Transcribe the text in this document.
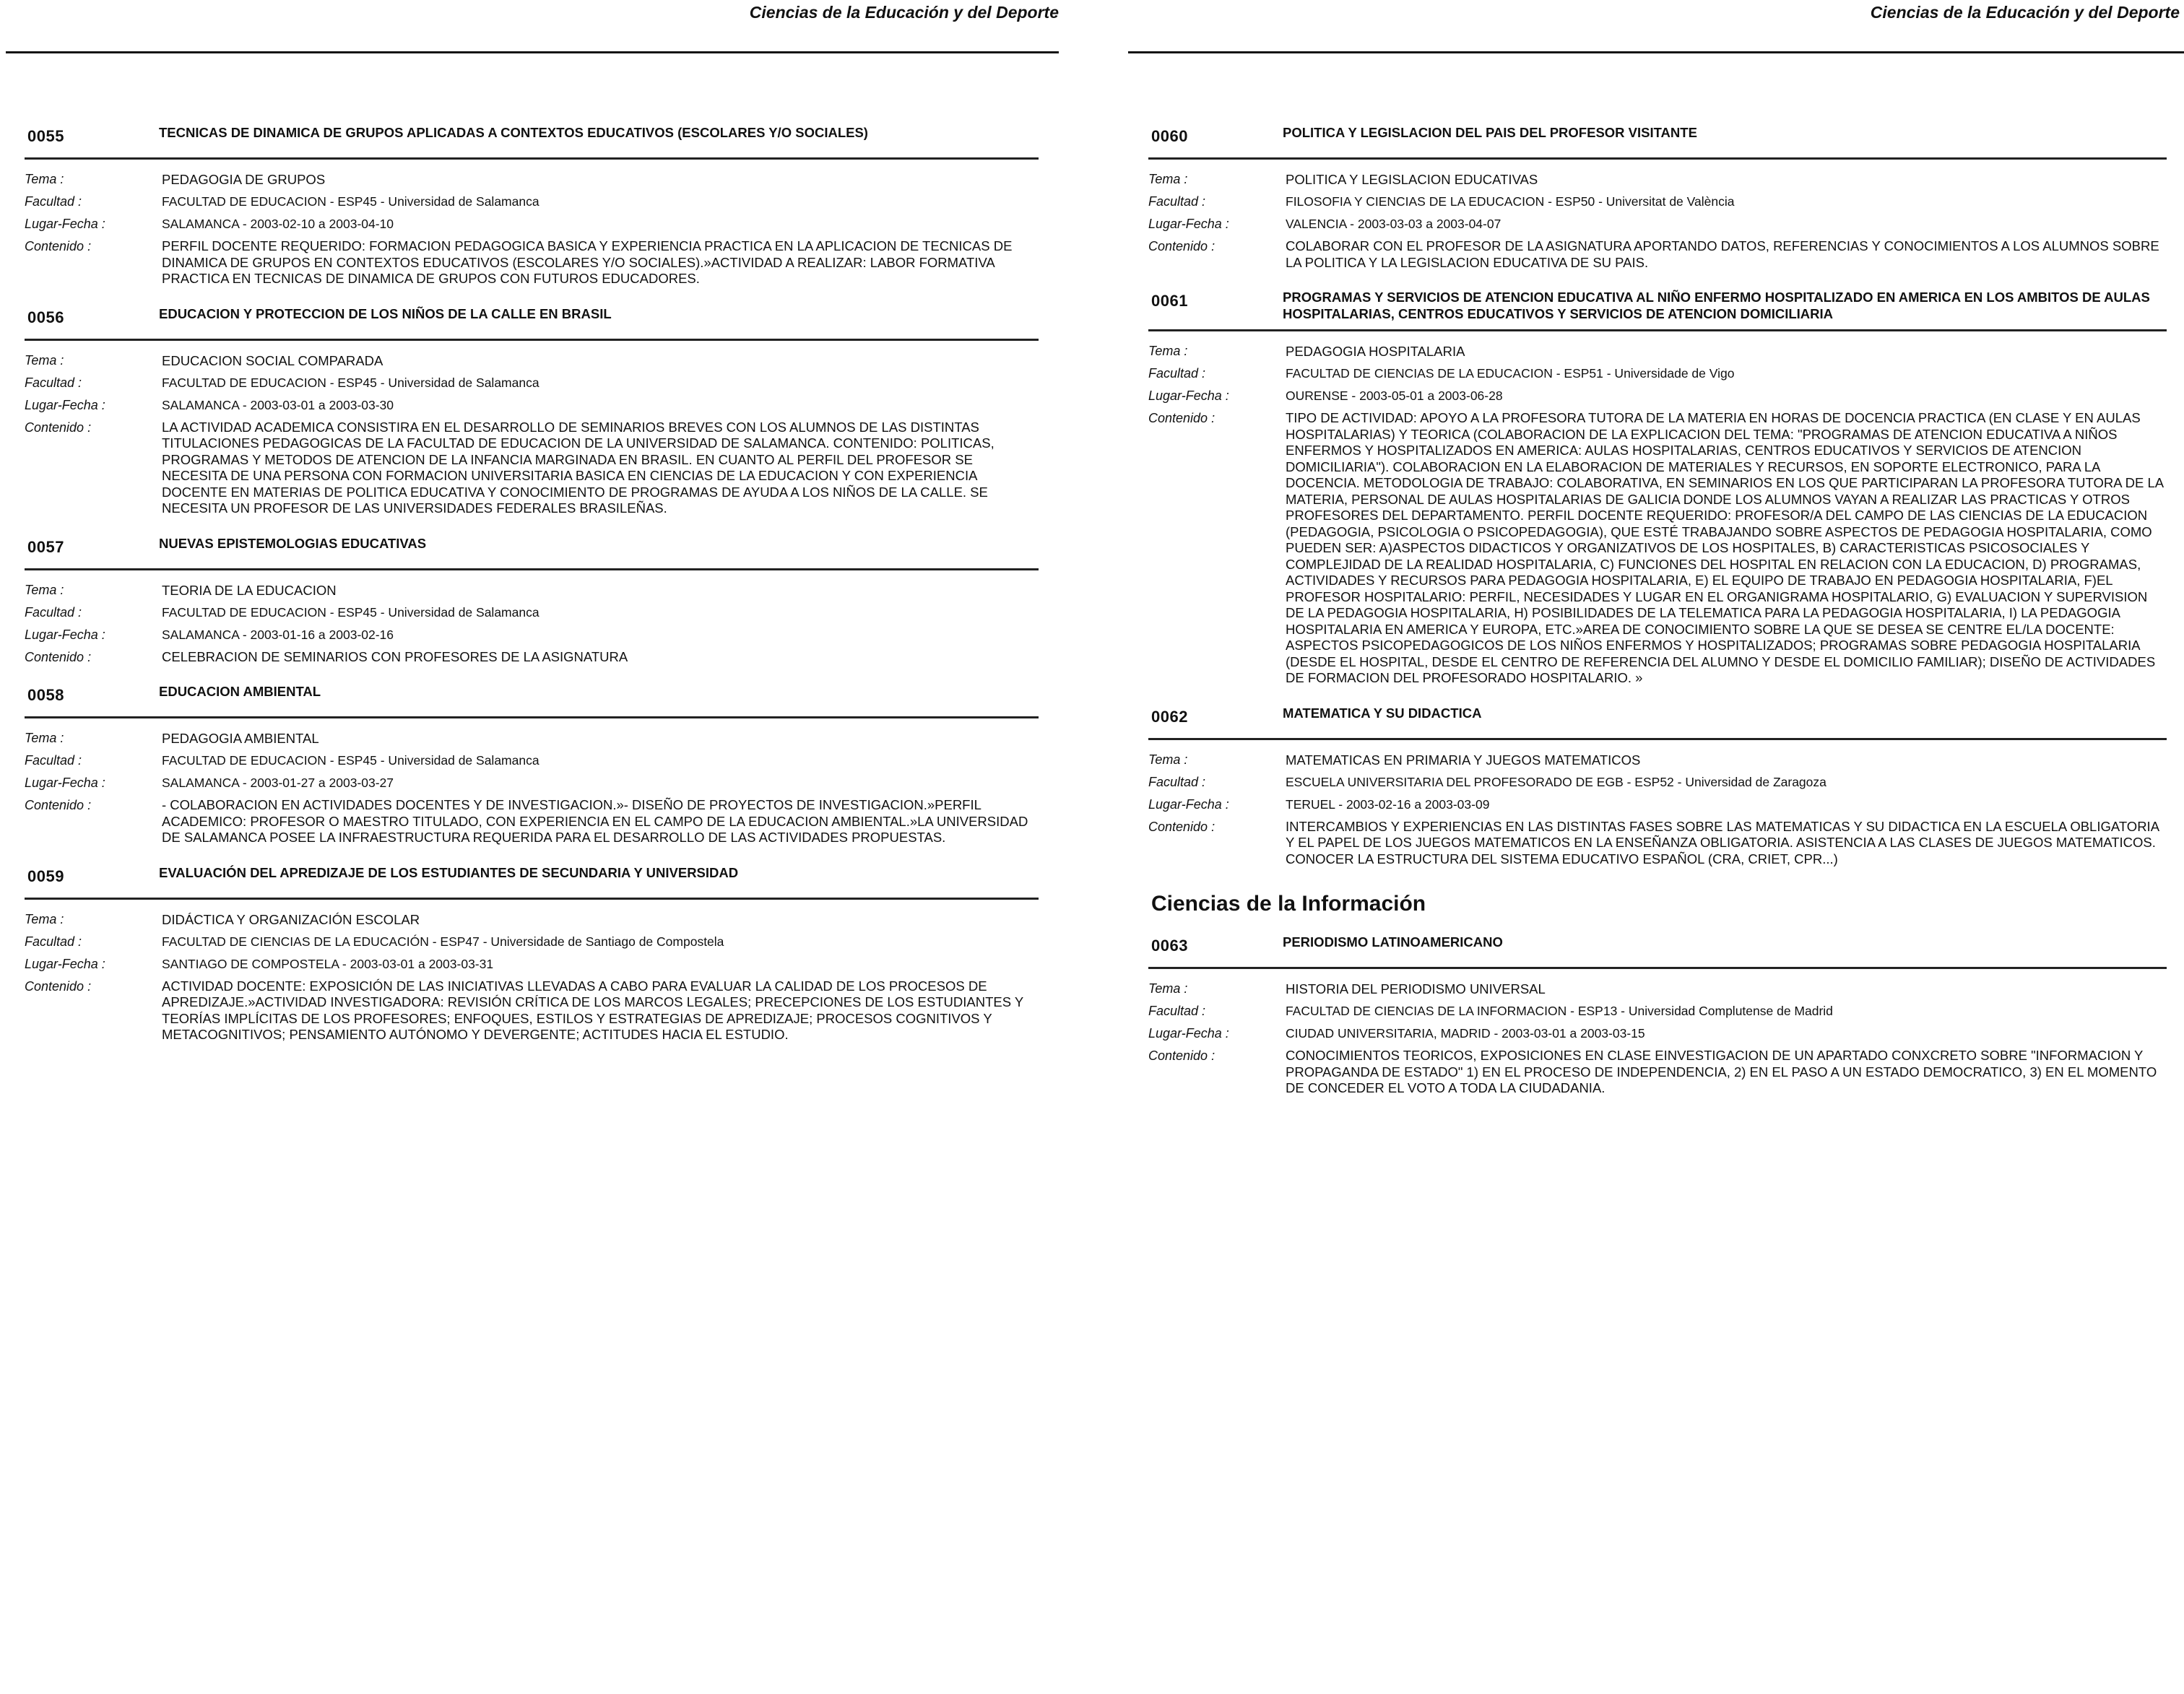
Ciencias de la Educación y del Deporte
0055	TECNICAS DE DINAMICA DE GRUPOS APLICADAS A CONTEXTOS EDUCATIVOS (ESCOLARES Y/O SOCIALES)
Tema :	PEDAGOGIA DE GRUPOS
Facultad :	FACULTAD DE EDUCACION - ESP45 - Universidad de Salamanca
Lugar-Fecha :	SALAMANCA - 2003-02-10 a 2003-04-10
Contenido :	PERFIL DOCENTE REQUERIDO: FORMACION PEDAGOGICA BASICA Y EXPERIENCIA PRACTICA EN LA APLICACION DE TECNICAS DE DINAMICA DE GRUPOS EN CONTEXTOS EDUCATIVOS (ESCOLARES Y/O SOCIALES).»ACTIVIDAD A REALIZAR: LABOR FORMATIVA PRACTICA EN TECNICAS DE DINAMICA DE GRUPOS CON FUTUROS EDUCADORES.
0056	EDUCACION Y PROTECCION DE LOS NIÑOS DE LA CALLE EN BRASIL
Tema :	EDUCACION SOCIAL COMPARADA
Facultad :	FACULTAD DE EDUCACION - ESP45 - Universidad de Salamanca
Lugar-Fecha :	SALAMANCA - 2003-03-01 a 2003-03-30
Contenido :	LA ACTIVIDAD ACADEMICA CONSISTIRA EN EL DESARROLLO DE SEMINARIOS BREVES CON LOS ALUMNOS DE LAS DISTINTAS TITULACIONES PEDAGOGICAS DE LA FACULTAD DE EDUCACION DE LA UNIVERSIDAD DE SALAMANCA. CONTENIDO: POLITICAS, PROGRAMAS Y METODOS DE ATENCION DE LA INFANCIA MARGINADA EN BRASIL. EN CUANTO AL PERFIL DEL PROFESOR SE NECESITA DE UNA PERSONA CON FORMACION UNIVERSITARIA BASICA EN CIENCIAS DE LA EDUCACION Y CON EXPERIENCIA DOCENTE EN MATERIAS DE POLITICA EDUCATIVA Y CONOCIMIENTO DE PROGRAMAS DE AYUDA A LOS NIÑOS DE LA CALLE. SE NECESITA UN PROFESOR DE LAS UNIVERSIDADES FEDERALES BRASILEÑAS.
0057	NUEVAS EPISTEMOLOGIAS EDUCATIVAS
Tema :	TEORIA DE LA EDUCACION
Facultad :	FACULTAD DE EDUCACION - ESP45 - Universidad de Salamanca
Lugar-Fecha :	SALAMANCA - 2003-01-16 a 2003-02-16
Contenido :	CELEBRACION DE SEMINARIOS CON PROFESORES DE LA ASIGNATURA
0058	EDUCACION AMBIENTAL
Tema :	PEDAGOGIA AMBIENTAL
Facultad :	FACULTAD DE EDUCACION - ESP45 - Universidad de Salamanca
Lugar-Fecha :	SALAMANCA - 2003-01-27 a 2003-03-27
Contenido :	- COLABORACION EN ACTIVIDADES DOCENTES Y DE INVESTIGACION.»- DISEÑO DE PROYECTOS DE INVESTIGACION.»PERFIL ACADEMICO: PROFESOR O MAESTRO TITULADO, CON EXPERIENCIA EN EL CAMPO DE LA EDUCACION AMBIENTAL.»LA UNIVERSIDAD DE SALAMANCA POSEE LA INFRAESTRUCTURA REQUERIDA PARA EL DESARROLLO DE LAS ACTIVIDADES PROPUESTAS.
0059	EVALUACIÓN DEL APREDIZAJE DE LOS ESTUDIANTES DE SECUNDARIA Y UNIVERSIDAD
Tema :	DIDÁCTICA Y ORGANIZACIÓN ESCOLAR
Facultad :	FACULTAD DE CIENCIAS DE LA EDUCACIÓN - ESP47 - Universidade de Santiago de Compostela
Lugar-Fecha :	SANTIAGO DE COMPOSTELA - 2003-03-01 a 2003-03-31
Contenido :	ACTIVIDAD DOCENTE: EXPOSICIÓN DE LAS INICIATIVAS LLEVADAS A CABO PARA EVALUAR LA CALIDAD DE LOS PROCESOS DE APREDIZAJE.»ACTIVIDAD INVESTIGADORA: REVISIÓN CRÍTICA DE LOS MARCOS LEGALES; PRECEPCIONES DE LOS ESTUDIANTES Y TEORÍAS IMPLÍCITAS DE LOS PROFESORES; ENFOQUES, ESTILOS Y ESTRATEGIAS DE APREDIZAJE; PROCESOS COGNITIVOS Y METACOGNITIVOS; PENSAMIENTO AUTÓNOMO Y DEVERGENTE; ACTITUDES HACIA EL ESTUDIO.
Ciencias de la Educación y del Deporte
0060	POLITICA Y LEGISLACION DEL PAIS DEL PROFESOR VISITANTE
Tema :	POLITICA Y LEGISLACION EDUCATIVAS
Facultad :	FILOSOFIA Y CIENCIAS DE LA EDUCACION - ESP50 - Universitat de València
Lugar-Fecha :	VALENCIA - 2003-03-03 a 2003-04-07
Contenido :	COLABORAR CON EL PROFESOR DE LA ASIGNATURA APORTANDO DATOS, REFERENCIAS Y CONOCIMIENTOS A LOS ALUMNOS SOBRE LA POLITICA Y LA LEGISLACION EDUCATIVA DE SU PAIS.
0061	PROGRAMAS Y SERVICIOS DE ATENCION EDUCATIVA AL NIÑO ENFERMO HOSPITALIZADO EN AMERICA EN LOS AMBITOS DE AULAS HOSPITALARIAS, CENTROS EDUCATIVOS Y SERVICIOS DE ATENCION DOMICILIARIA
Tema :	PEDAGOGIA HOSPITALARIA
Facultad :	FACULTAD DE CIENCIAS DE LA EDUCACION - ESP51 - Universidade de Vigo
Lugar-Fecha :	OURENSE - 2003-05-01 a 2003-06-28
Contenido :	TIPO DE ACTIVIDAD: APOYO A LA PROFESORA TUTORA DE LA MATERIA EN HORAS DE DOCENCIA PRACTICA (EN CLASE Y EN AULAS HOSPITALARIAS) Y TEORICA (COLABORACION DE LA EXPLICACION DEL TEMA: "PROGRAMAS DE ATENCION EDUCATIVA A NIÑOS ENFERMOS Y HOSPITALIZADOS EN AMERICA: AULAS HOSPITALARIAS, CENTROS EDUCATIVOS Y SERVICIOS DE ATENCION DOMICILIARIA"). COLABORACION EN LA ELABORACION DE MATERIALES Y RECURSOS, EN SOPORTE ELECTRONICO, PARA LA DOCENCIA. METODOLOGIA DE TRABAJO: COLABORATIVA, EN SEMINARIOS EN LOS QUE PARTICIPARAN LA PROFESORA TUTORA DE LA MATERIA, PERSONAL DE AULAS HOSPITALARIAS DE GALICIA DONDE LOS ALUMNOS VAYAN A REALIZAR LAS PRACTICAS Y OTROS PROFESORES DEL DEPARTAMENTO. PERFIL DOCENTE REQUERIDO: PROFESOR/A DEL CAMPO DE LAS CIENCIAS DE LA EDUCACION (PEDAGOGIA, PSICOLOGIA O PSICOPEDAGOGIA), QUE ESTÉ TRABAJANDO SOBRE ASPECTOS DE PEDAGOGIA HOSPITALARIA, COMO PUEDEN SER: A)ASPECTOS DIDACTICOS Y ORGANIZATIVOS DE LOS HOSPITALES, B) CARACTERISTICAS PSICOSOCIALES Y COMPLEJIDAD DE LA REALIDAD HOSPITALARIA, C) FUNCIONES DEL HOSPITAL EN RELACION CON LA EDUCACION, D) PROGRAMAS, ACTIVIDADES Y RECURSOS PARA PEDAGOGIA HOSPITALARIA, E) EL EQUIPO DE TRABAJO EN PEDAGOGIA HOSPITALARIA, F)EL PROFESOR HOSPITALARIO: PERFIL, NECESIDADES Y LUGAR EN EL ORGANIGRAMA HOSPITALARIO, G) EVALUACION Y SUPERVISION DE LA PEDAGOGIA HOSPITALARIA, H) POSIBILIDADES DE LA TELEMATICA PARA LA PEDAGOGIA HOSPITALARIA, I) LA PEDAGOGIA HOSPITALARIA EN AMERICA Y EUROPA, ETC.»AREA DE CONOCIMIENTO SOBRE LA QUE SE DESEA SE CENTRE EL/LA DOCENTE: ASPECTOS PSICOPEDAGOGICOS DE LOS NIÑOS ENFERMOS Y HOSPITALIZADOS; PROGRAMAS SOBRE PEDAGOGIA HOSPITALARIA (DESDE EL HOSPITAL, DESDE EL CENTRO DE REFERENCIA DEL ALUMNO Y DESDE EL DOMICILIO FAMILIAR); DISEÑO DE ACTIVIDADES DE FORMACION DEL PROFESORADO HOSPITALARIO. »
0062	MATEMATICA Y SU DIDACTICA
Tema :	MATEMATICAS EN PRIMARIA Y JUEGOS MATEMATICOS
Facultad :	ESCUELA UNIVERSITARIA DEL PROFESORADO DE EGB - ESP52 - Universidad de Zaragoza
Lugar-Fecha :	TERUEL - 2003-02-16 a 2003-03-09
Contenido :	INTERCAMBIOS Y EXPERIENCIAS EN LAS DISTINTAS FASES SOBRE LAS MATEMATICAS Y SU DIDACTICA EN LA ESCUELA OBLIGATORIA Y EL PAPEL DE LOS JUEGOS MATEMATICOS EN LA ENSEÑANZA OBLIGATORIA. ASISTENCIA A LAS CLASES DE JUEGOS MATEMATICOS. CONOCER LA ESTRUCTURA DEL SISTEMA EDUCATIVO ESPAÑOL (CRA, CRIET, CPR...)
Ciencias de la Información
0063	PERIODISMO LATINOAMERICANO
Tema :	HISTORIA DEL PERIODISMO UNIVERSAL
Facultad :	FACULTAD DE CIENCIAS DE LA INFORMACION - ESP13 - Universidad Complutense de Madrid
Lugar-Fecha :	CIUDAD UNIVERSITARIA, MADRID - 2003-03-01 a 2003-03-15
Contenido :	CONOCIMIENTOS TEORICOS, EXPOSICIONES EN CLASE EINVESTIGACION DE UN APARTADO CONXCRETO SOBRE "INFORMACION Y PROPAGANDA DE ESTADO" 1) EN EL PROCESO DE INDEPENDENCIA, 2) EN EL PASO A UN ESTADO DEMOCRATICO, 3) EN EL MOMENTO DE CONCEDER EL VOTO A TODA LA CIUDADANIA.
